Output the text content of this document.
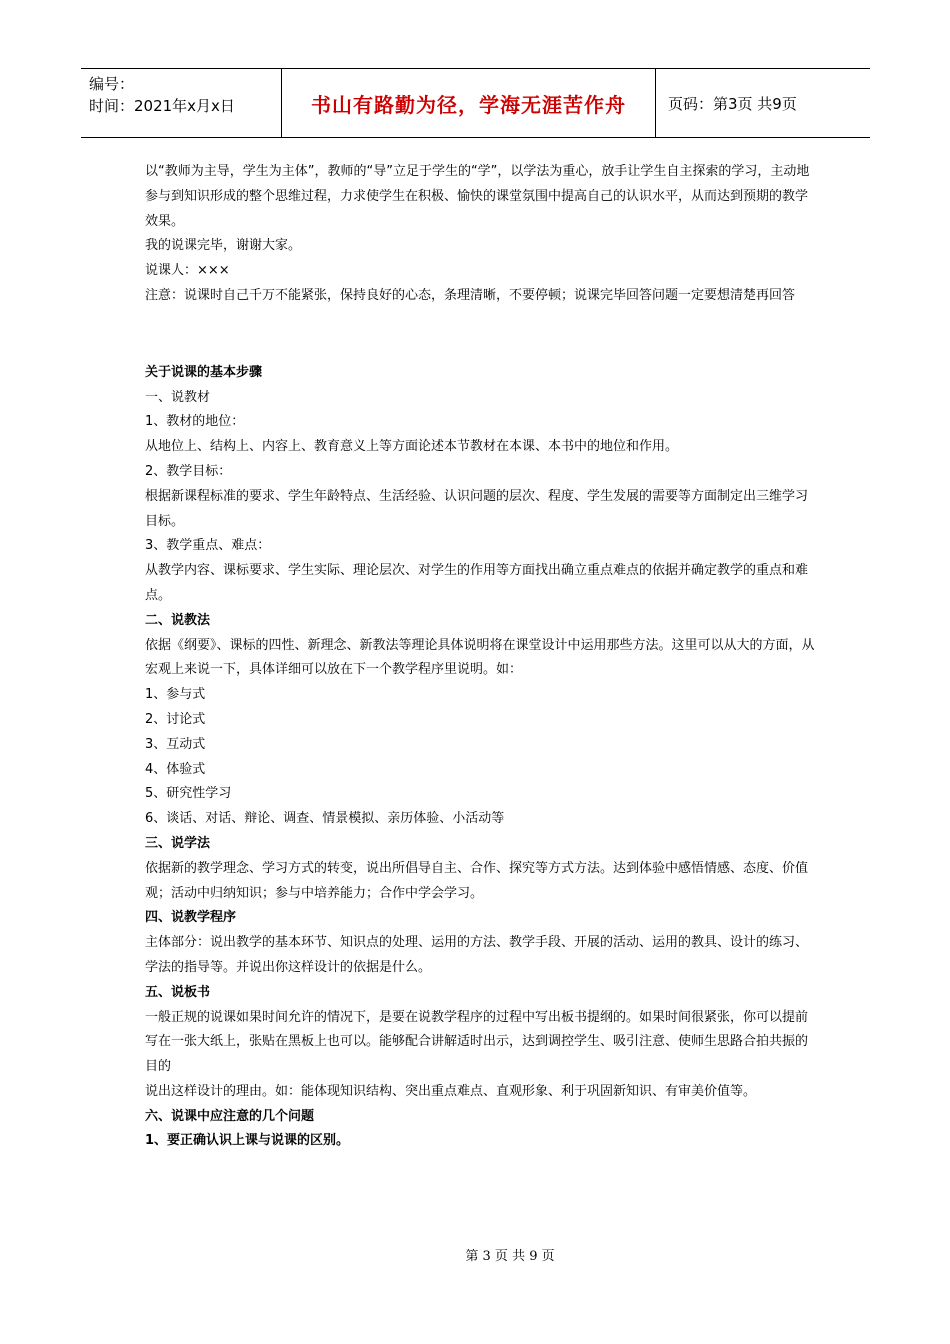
编号：
时间：2021年x月x日	书山有路勤为径，学海无涯苦作舟	页码：第3页 共9页

以“教师为主导，学生为主体”，教师的“导”立足于学生的“学”，以学法为重心，放手让学生自主探索的学习，主动地参与到知识形成的整个思维过程，力求使学生在积极、愉快的课堂氛围中提高自己的认识水平，从而达到预期的教学效果。

我的说课完毕，谢谢大家。

说课人：×××

注意：说课时自己千万不能紧张，保持良好的心态，条理清晰，不要停顿；说课完毕回答问题一定要想清楚再回答

关于说课的基本步骤

一、说教材

1、教材的地位：

从地位上、结构上、内容上、教育意义上等方面论述本节教材在本课、本书中的地位和作用。

2、教学目标：

根据新课程标准的要求、学生年龄特点、生活经验、认识问题的层次、程度、学生发展的需要等方面制定出三维学习目标。

3、教学重点、难点：

从教学内容、课标要求、学生实际、理论层次、对学生的作用等方面找出确立重点难点的依据并确定教学的重点和难点。

二、说教法

依据《纲要》、课标的四性、新理念、新教法等理论具体说明将在课堂设计中运用那些方法。这里可以从大的方面，从宏观上来说一下，具体详细可以放在下一个教学程序里说明。如：

1、参与式

2、讨论式

3、互动式

4、体验式

5、研究性学习

6、谈话、对话、辩论、调查、情景模拟、亲历体验、小活动等

三、说学法

依据新的教学理念、学习方式的转变，说出所倡导自主、合作、探究等方式方法。达到体验中感悟情感、态度、价值观；活动中归纳知识；参与中培养能力；合作中学会学习。

四、说教学程序

主体部分：说出教学的基本环节、知识点的处理、运用的方法、教学手段、开展的活动、运用的教具、设计的练习、学法的指导等。并说出你这样设计的依据是什么。

五、说板书

一般正规的说课如果时间允许的情况下，是要在说教学程序的过程中写出板书提纲的。如果时间很紧张，你可以提前写在一张大纸上，张贴在黑板上也可以。能够配合讲解适时出示，达到调控学生、吸引注意、使师生思路合拍共振的目的

说出这样设计的理由。如：能体现知识结构、突出重点难点、直观形象、利于巩固新知识、有审美价值等。

六、说课中应注意的几个问题

1、要正确认识上课与说课的区别。

第 3 页 共 9 页
